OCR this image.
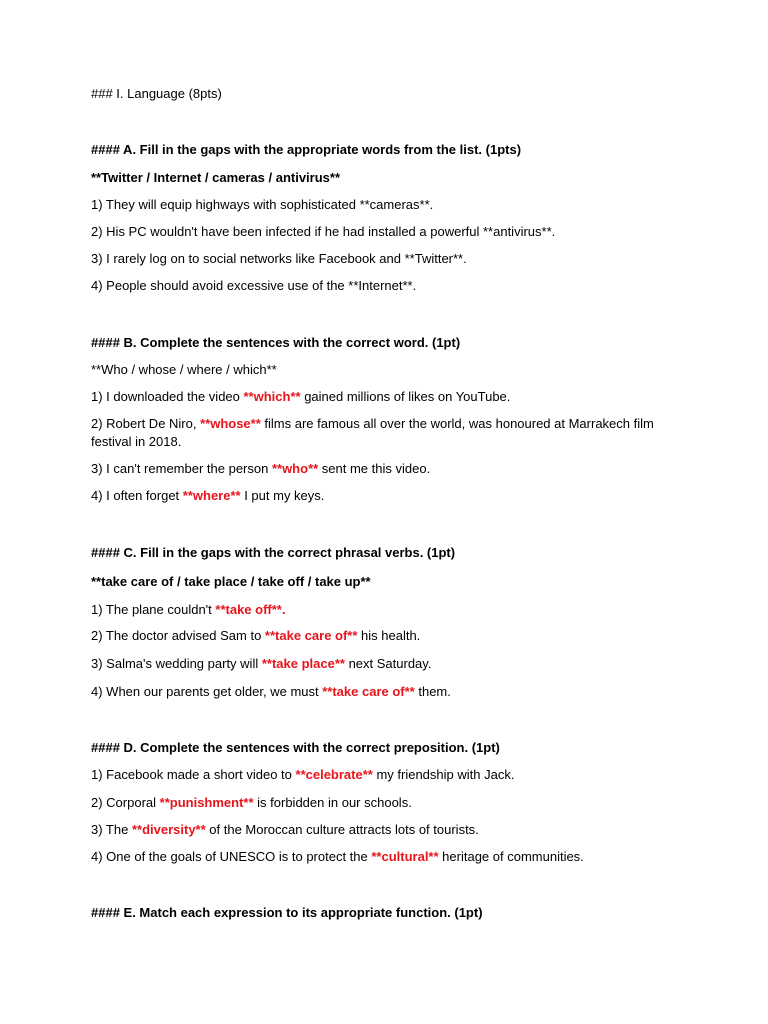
### I. Language (8pts)
#### A. Fill in the gaps with the appropriate words from the list. (1pts)
**Twitter / Internet / cameras / antivirus**
1) They will equip highways with sophisticated **cameras**.
2) His PC wouldn't have been infected if he had installed a powerful **antivirus**.
3) I rarely log on to social networks like Facebook and **Twitter**.
4) People should avoid excessive use of the **Internet**.
#### B. Complete the sentences with the correct word. (1pt)
**Who / whose / where / which**
1) I downloaded the video **which** gained millions of likes on YouTube.
2) Robert De Niro, **whose** films are famous all over the world, was honoured at Marrakech film festival in 2018.
3) I can't remember the person **who** sent me this video.
4) I often forget **where** I put my keys.
#### C. Fill in the gaps with the correct phrasal verbs. (1pt)
**take care of / take place / take off / take up**
1) The plane couldn't **take off**.
2) The doctor advised Sam to **take care of** his health.
3) Salma's wedding party will **take place** next Saturday.
4) When our parents get older, we must **take care of** them.
#### D. Complete the sentences with the correct preposition. (1pt)
1) Facebook made a short video to **celebrate** my friendship with Jack.
2) Corporal **punishment** is forbidden in our schools.
3) The **diversity** of the Moroccan culture attracts lots of tourists.
4) One of the goals of UNESCO is to protect the **cultural** heritage of communities.
#### E. Match each expression to its appropriate function. (1pt)
